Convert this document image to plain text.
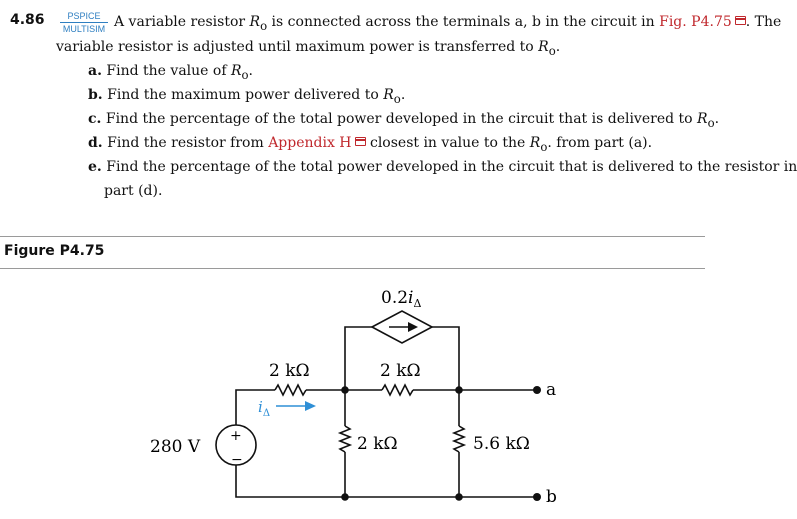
4.86	PSPICE
MULTISIM A variable resistor $R_o$ is connected across the terminals a, b in the circuit in Fig. P4.75 . The
variable resistor is adjusted until maximum power is transferred to $R_o$.
a. Find the value of $R_o$.
b. Find the maximum power delivered to $R_o$.
c. Find the percentage of the total power developed in the circuit that is delivered to $R_o$.
d. Find the resistor from Appendix H closest in value to the $R_o$. from part (a).
e. Find the percentage of the total power developed in the circuit that is delivered to the resistor in
part (d).
Figure P4.75
$0.2i_\Delta$
2 kΩ	2 kΩ
2 kΩ	5.6 kΩ
280 V
+
−
$i_\Delta$
a
b
